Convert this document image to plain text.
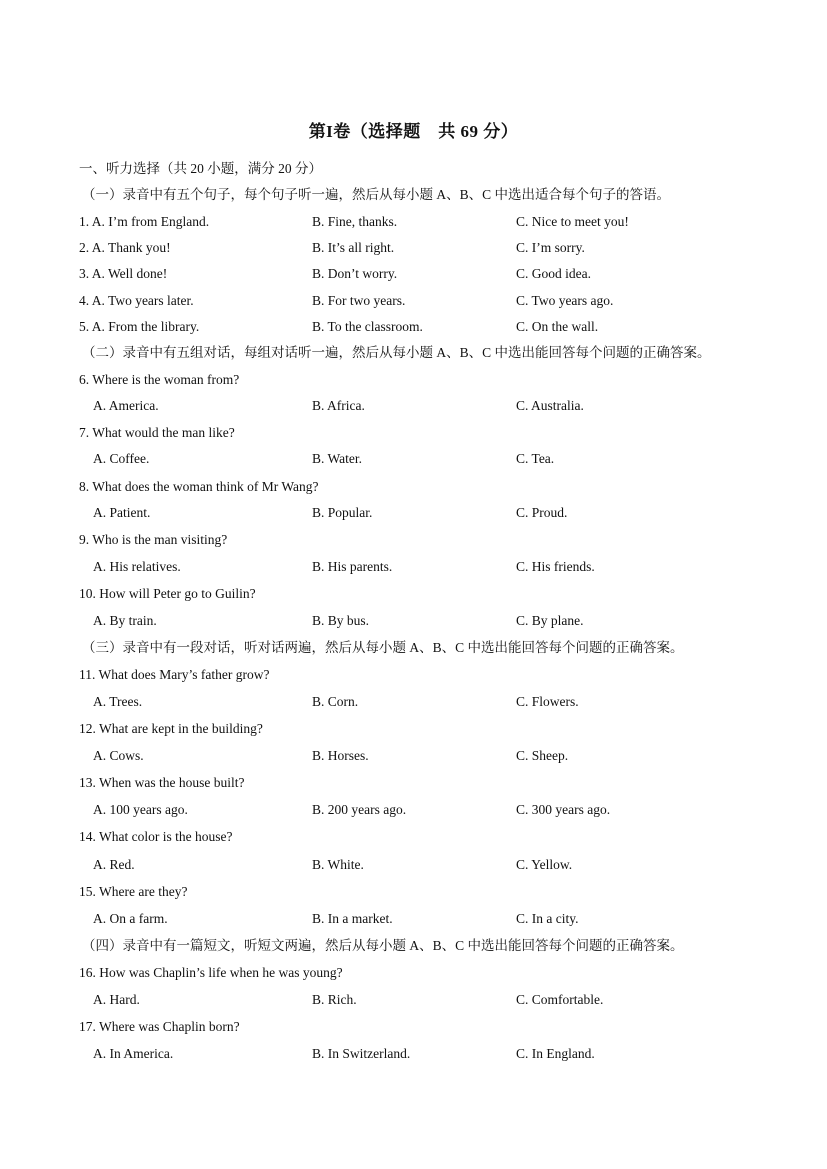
第I卷（选择题　共 69 分）
一、听力选择（共 20 小题，满分 20 分）
（一）录音中有五个句子，每个句子听一遍，然后从每小题 A、B、C 中选出适合每个句子的答语。
1. A. I’m from England.	B. Fine, thanks.	C. Nice to meet you!
2. A. Thank you!	B. It’s all right.	C. I’m sorry.
3. A. Well done!	B. Don’t worry.	C. Good idea.
4. A. Two years later.	B. For two years.	C. Two years ago.
5. A. From the library.	B. To the classroom.	C. On the wall.
（二）录音中有五组对话，每组对话听一遍，然后从每小题 A、B、C 中选出能回答每个问题的正确答案。
6. Where is the woman from?
A. America.	B. Africa.	C. Australia.
7. What would the man like?
A. Coffee.	B. Water.	C. Tea.
8. What does the woman think of Mr Wang?
A. Patient.	B. Popular.	C. Proud.
9. Who is the man visiting?
A. His relatives.	B. His parents.	C. His friends.
10. How will Peter go to Guilin?
A. By train.	B. By bus.	C. By plane.
（三）录音中有一段对话，听对话两遍，然后从每小题 A、B、C 中选出能回答每个问题的正确答案。
11. What does Mary’s father grow?
A. Trees.	B. Corn.	C. Flowers.
12. What are kept in the building?
A. Cows.	B. Horses.	C. Sheep.
13. When was the house built?
A. 100 years ago.	B. 200 years ago.	C. 300 years ago.
14. What color is the house?
A. Red.	B. White.	C. Yellow.
15. Where are they?
A. On a farm.	B. In a market.	C. In a city.
（四）录音中有一篇短文，听短文两遍，然后从每小题 A、B、C 中选出能回答每个问题的正确答案。
16. How was Chaplin’s life when he was young?
A. Hard.	B. Rich.	C. Comfortable.
17. Where was Chaplin born?
A. In America.	B. In Switzerland.	C. In England.
